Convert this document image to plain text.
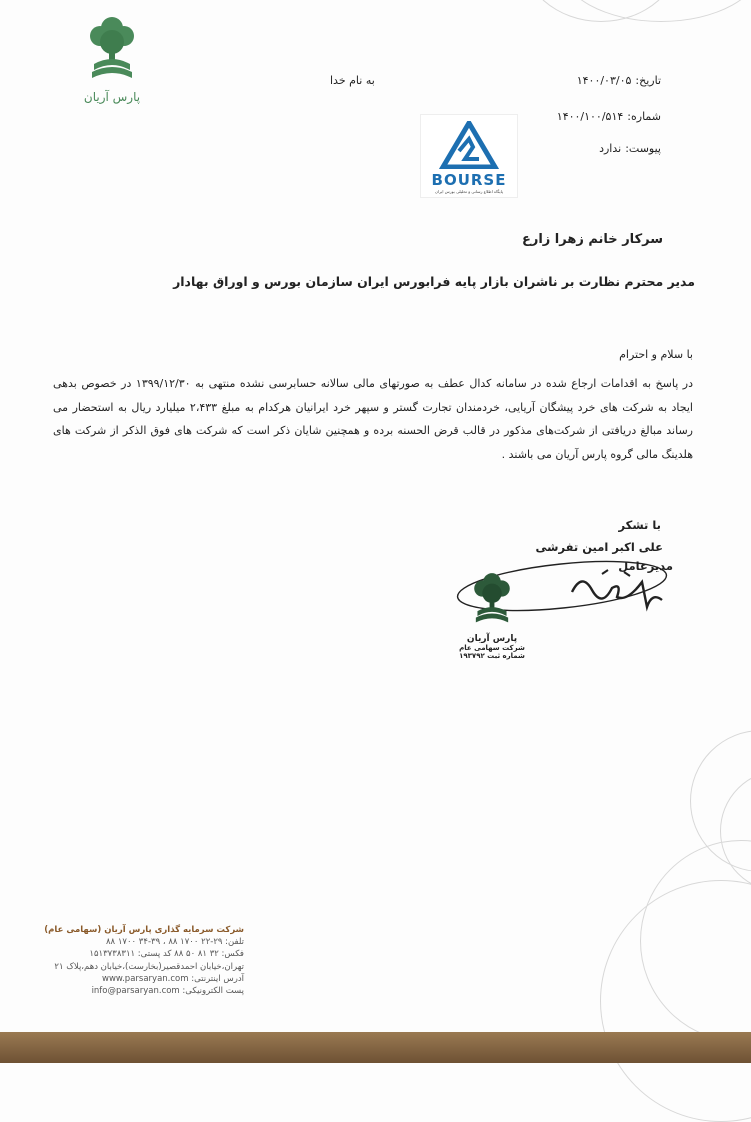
پارس آریان
به نام خدا	تاریخ:۱۴۰۰/۰۳/۰۵
شماره:۱۴۰۰/۱۰۰/۵۱۴
پیوست:ندارد
BOURSE
پایگاه اطلاع رسانی و تحلیلی بورس ایران
سرکار خانم زهرا زارع
مدیر محترم نظارت بر ناشران بازار پایه فرابورس ایران سازمان بورس و اوراق بهادار
با سلام و احترام
در پاسخ به اقدامات ارجاع شده در سامانه کدال عطف به صورتهای مالی سالانه حسابرسی نشده منتهی به ۱۳۹۹/۱۲/۳۰ در خصوص بدهی ایجاد به شرکت های خرد پیشگان آریایی، خردمندان تجارت گستر و سپهر خرد ایرانیان هرکدام به مبلغ ۲،۴۳۳ میلیارد ریال به استحضار می رساند مبالغ دریافتی از شرکت‌های مذکور در قالب قرض الحسنه برده و همچنین شایان ذکر است که شرکت های فوق الذکر از شرکت های هلدینگ مالی گروه پارس آریان می باشند .
با تشکر
علی اکبر امین تفرشی
مدیرعامل
پارس آریان
شرکت سهامی عام
شماره ثبت ۱۹۳۷۹۲
شرکت سرمایه گذاری پارس آریان (سهامی عام)
تلفن: ۲۹-۲۲ ۱۷۰۰ ۸۸ ، ۳۹-۳۴ ۱۷۰۰ ۸۸
فکس: ۳۲ ۸۱ ۵۰ ۸۸ کد پستی: ۱۵۱۳۷۳۸۳۱۱
تهران،خیابان احمدقصیر(بخارست)،خیابان دهم،پلاک ۲۱
آدرس اینترنتی: www.parsaryan.com
پست الکترونیکی: info@parsaryan.com
